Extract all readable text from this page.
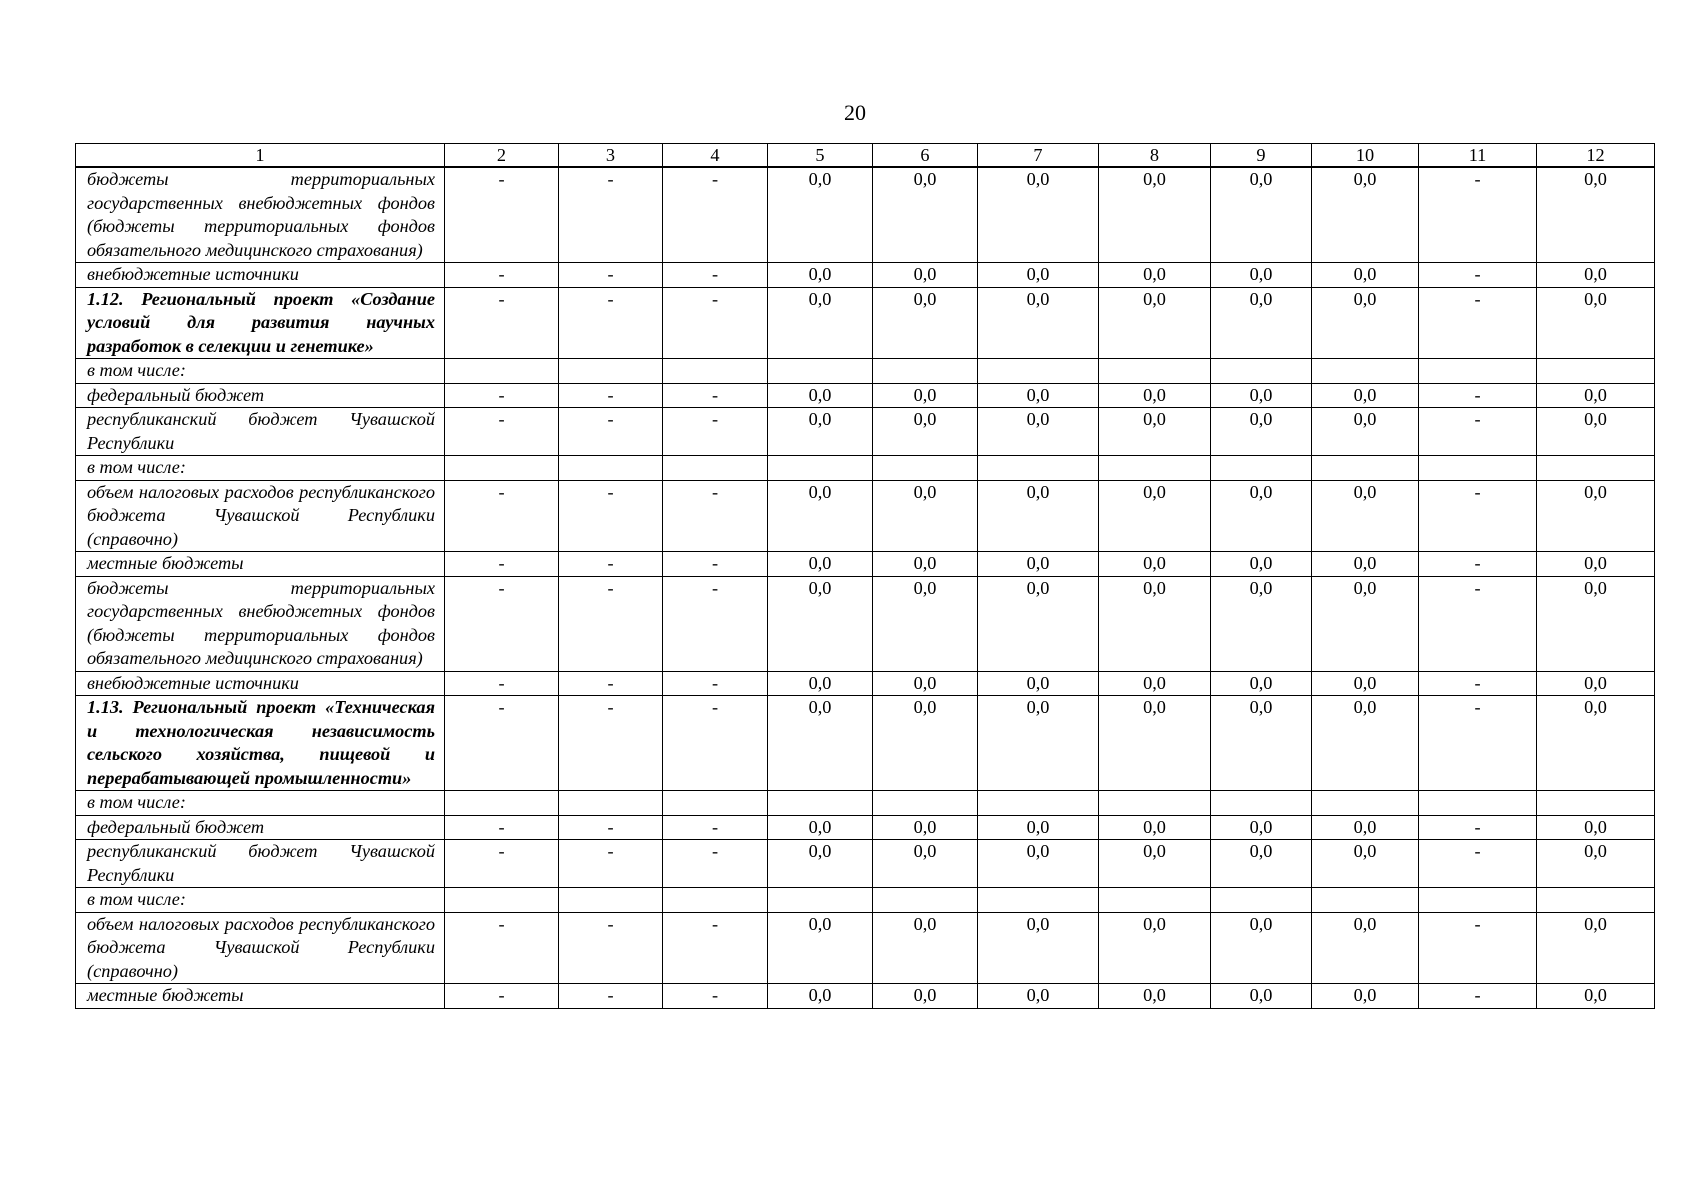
20
1	2	3	4	5	6	7	8	9	10	11	12
бюджеты территориальных государственных внебюджетных фондов (бюджеты территориальных фондов обязательного медицинского страхования)	-	-	-	0,0	0,0	0,0	0,0	0,0	0,0	-	0,0
внебюджетные источники	-	-	-	0,0	0,0	0,0	0,0	0,0	0,0	-	0,0
1.12. Региональный проект «Создание условий для развития научных разработок в селекции и генетике»	-	-	-	0,0	0,0	0,0	0,0	0,0	0,0	-	0,0
в том числе:											
федеральный бюджет	-	-	-	0,0	0,0	0,0	0,0	0,0	0,0	-	0,0
республиканский бюджет Чувашской Республики	-	-	-	0,0	0,0	0,0	0,0	0,0	0,0	-	0,0
в том числе:											
объем налоговых расходов республиканского бюджета Чувашской Республики (справочно)	-	-	-	0,0	0,0	0,0	0,0	0,0	0,0	-	0,0
местные бюджеты	-	-	-	0,0	0,0	0,0	0,0	0,0	0,0	-	0,0
бюджеты территориальных государственных внебюджетных фондов (бюджеты территориальных фондов обязательного медицинского страхования)	-	-	-	0,0	0,0	0,0	0,0	0,0	0,0	-	0,0
внебюджетные источники	-	-	-	0,0	0,0	0,0	0,0	0,0	0,0	-	0,0
1.13. Региональный проект «Техническая и технологическая независимость сельского хозяйства, пищевой и перерабатывающей промышленности»	-	-	-	0,0	0,0	0,0	0,0	0,0	0,0	-	0,0
в том числе:											
федеральный бюджет	-	-	-	0,0	0,0	0,0	0,0	0,0	0,0	-	0,0
республиканский бюджет Чувашской Республики	-	-	-	0,0	0,0	0,0	0,0	0,0	0,0	-	0,0
в том числе:											
объем налоговых расходов республиканского бюджета Чувашской Республики (справочно)	-	-	-	0,0	0,0	0,0	0,0	0,0	0,0	-	0,0
местные бюджеты	-	-	-	0,0	0,0	0,0	0,0	0,0	0,0	-	0,0
